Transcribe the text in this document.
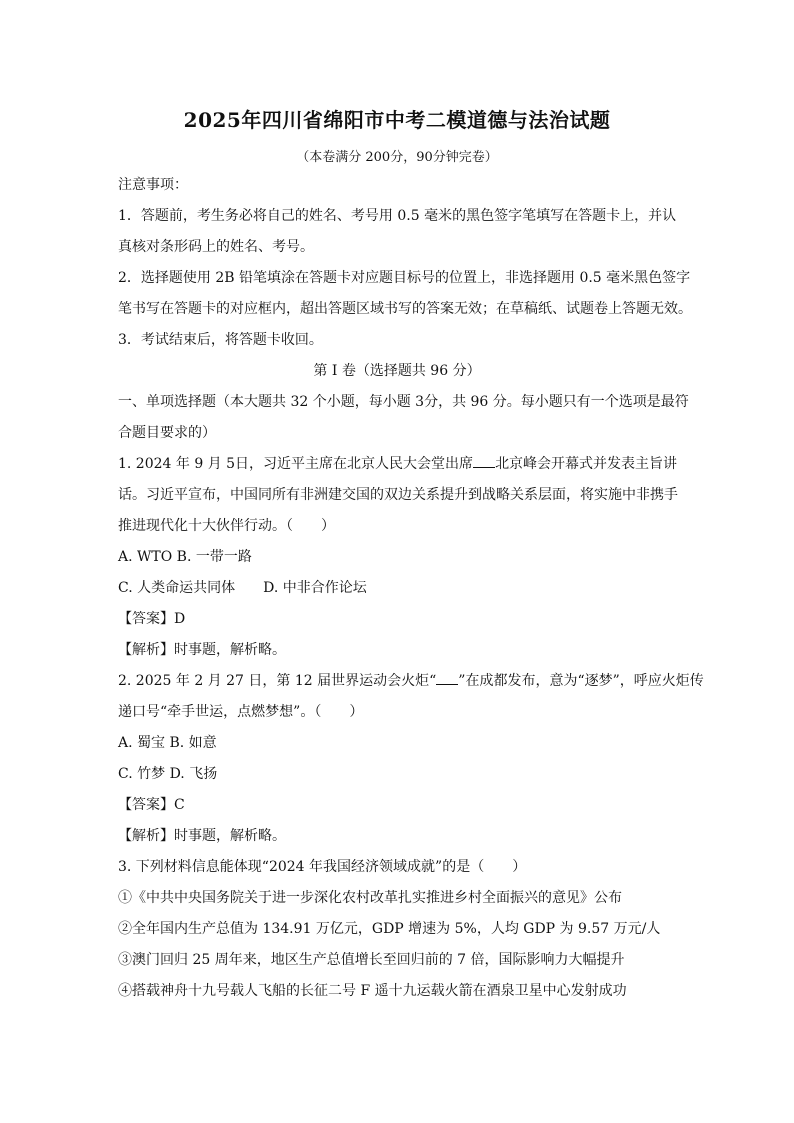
2025年四川省绵阳市中考二模道德与法治试题
（本卷满分 200分，90分钟完卷）
注意事项：
1．答题前，考生务必将自己的姓名、考号用 0.5 毫米的黑色签字笔填写在答题卡上，并认
真核对条形码上的姓名、考号。
2．选择题使用 2B 铅笔填涂在答题卡对应题目标号的位置上，非选择题用 0.5 毫米黑色签字
笔书写在答题卡的对应框内，超出答题区域书写的答案无效；在草稿纸、试题卷上答题无效。
3．考试结束后，将答题卡收回。
第 I 卷（选择题共 96 分）
一、单项选择题（本大题共 32 个小题，每小题 3分，共 96 分。每小题只有一个选项是最符
合题目要求的）
1. 2024 年 9 月 5日，习近平主席在北京人民大会堂出席 北京峰会开幕式并发表主旨讲
话。习近平宣布，中国同所有非洲建交国的双边关系提升到战略关系层面，将实施中非携手
推进现代化十大伙伴行动。（　　）
A. WTO B. 一带一路
C. 人类命运共同体　　D. 中非合作论坛
【答案】D
【解析】时事题，解析略。
2. 2025 年 2 月 27 日，第 12 届世界运动会火炬“ ”在成都发布，意为“逐梦”，呼应火炬传
递口号“牵手世运，点燃梦想”。（　　）
A. 蜀宝 B. 如意
C. 竹梦 D. 飞扬
【答案】C
【解析】时事题，解析略。
3. 下列材料信息能体现“2024 年我国经济领域成就”的是（　　）
①《中共中央国务院关于进一步深化农村改革扎实推进乡村全面振兴的意见》公布
②全年国内生产总值为 134.91 万亿元，GDP 增速为 5%，人均 GDP 为 9.57 万元/人
③澳门回归 25 周年来，地区生产总值增长至回归前的 7 倍，国际影响力大幅提升
④搭载神舟十九号载人飞船的长征二号 F 遥十九运载火箭在酒泉卫星中心发射成功
